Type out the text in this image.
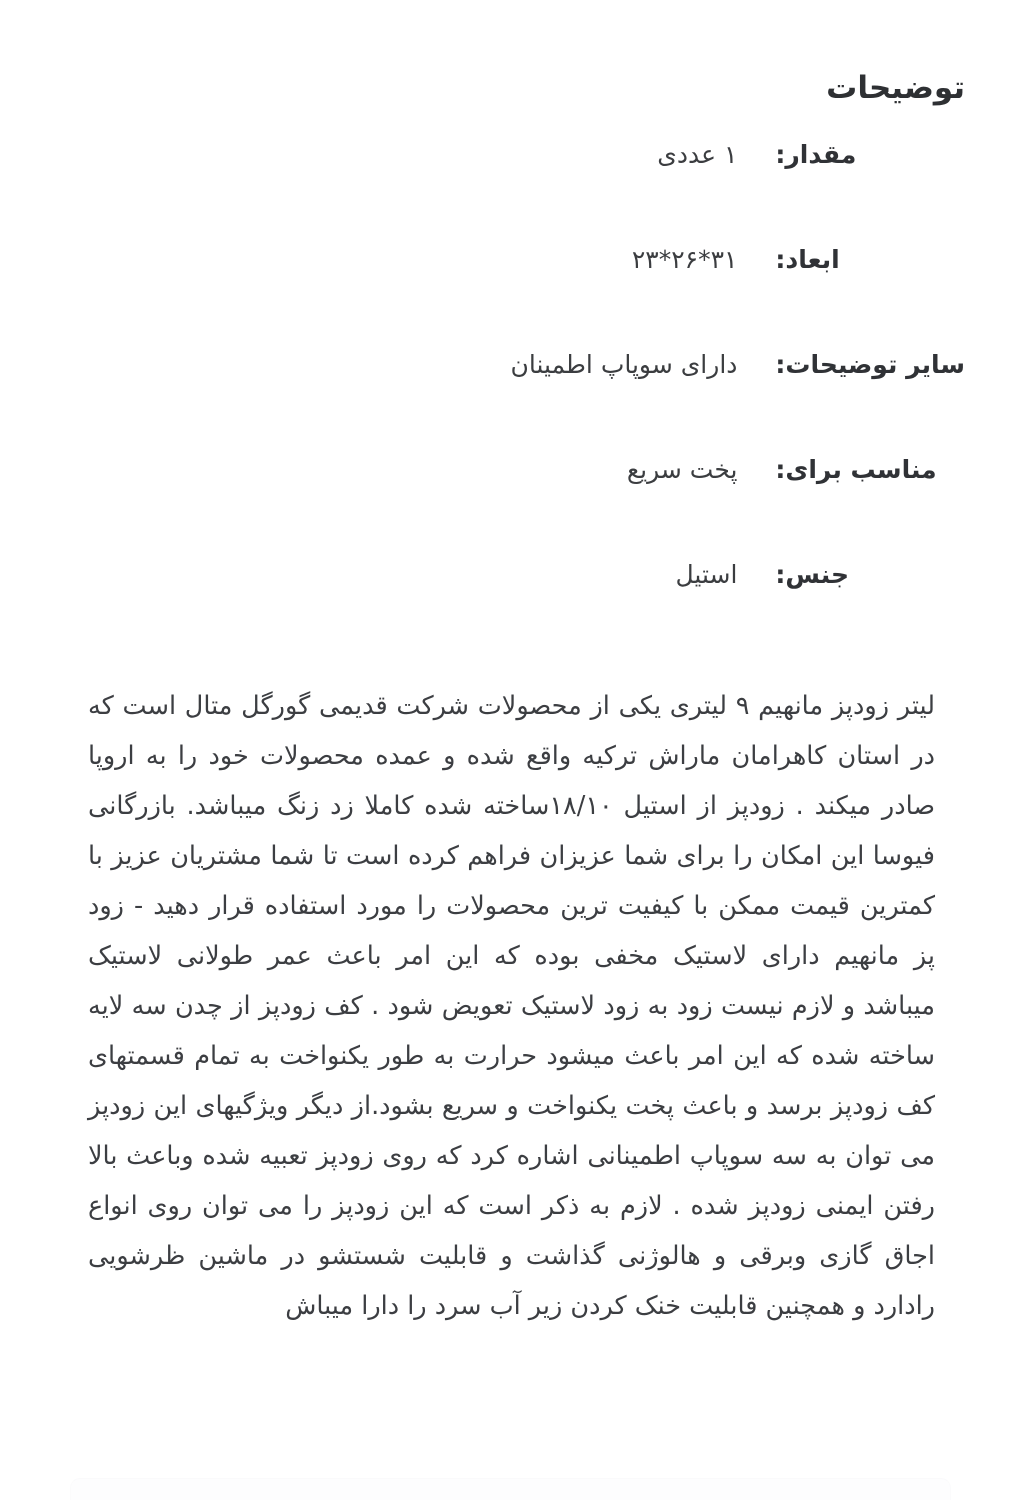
توضیحات
مقدار:
۱ عددی
ابعاد:
۳۱*۲۶*۲۳
سایر توضیحات:
دارای سوپاپ اطمینان
مناسب برای:
پخت سریع
جنس:
استیل

لیتر زودپز مانهیم ۹ لیتری یکی از محصولات شرکت قدیمی گورگل متال است که در استان کاهرامان ماراش ترکیه واقع شده و عمده محصولات خود را به اروپا صادر میکند . زودپز از استیل ۱۸/۱۰ساخته شده کاملا زد زنگ میباشد. بازرگانی فیوسا این امکان را برای شما عزیزان فراهم کرده است تا شما مشتریان عزیز با کمترین قیمت ممکن با کیفیت ترین محصولات را مورد استفاده قرار دهید - زود پز مانهیم دارای لاستیک مخفی بوده که این امر باعث عمر طولانی لاستیک میباشد و لازم نیست زود به زود لاستیک تعویض شود . کف زودپز از چدن سه لایه ساخته شده که این امر باعث میشود حرارت به طور یکنواخت به تمام قسمتهای کف زودپز برسد و باعث پخت یکنواخت و سریع بشود.از دیگر ویژگیهای این زودپز می توان به سه سوپاپ اطمینانی اشاره کرد که روی زودپز تعبیه شده وباعث بالا رفتن ایمنی زودپز شده . لازم به ذکر است که این زودپز را می توان روی انواع اجاق گازی وبرقی و هالوژنی گذاشت و قابلیت شستشو در ماشین ظرشویی رادارد و همچنین قابلیت خنک کردن زیر آب سرد را دارا میباش
